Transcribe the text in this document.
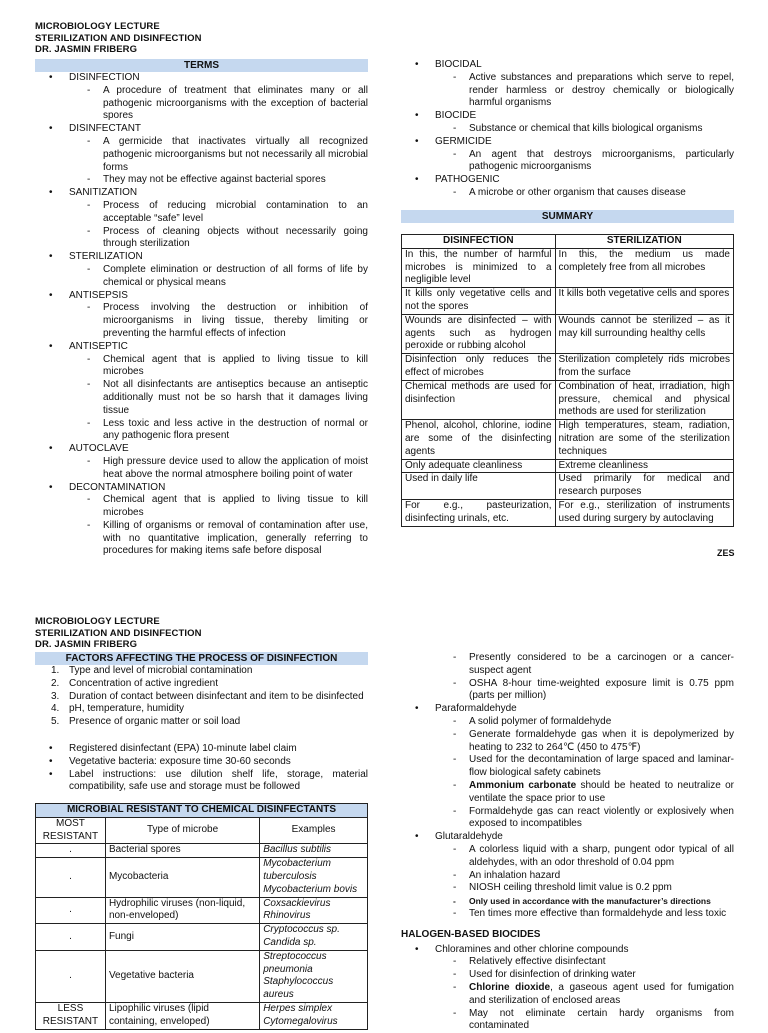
MICROBIOLOGY LECTURE
STERILIZATION AND DISINFECTION
DR. JASMIN FRIBERG
TERMS
• DISINFECTION
- A procedure of treatment that eliminates many or all pathogenic microorganisms with the exception of bacterial spores
• DISINFECTANT
- A germicide that inactivates virtually all recognized pathogenic microorganisms but not necessarily all microbial forms
- They may not be effective against bacterial spores
• SANITIZATION
- Process of reducing microbial contamination to an acceptable “safe” level
- Process of cleaning objects without necessarily going through sterilization
• STERILIZATION
- Complete elimination or destruction of all forms of life by chemical or physical means
• ANTISEPSIS
- Process involving the destruction or inhibition of microorganisms in living tissue, thereby limiting or preventing the harmful effects of infection
• ANTISEPTIC
- Chemical agent that is applied to living tissue to kill microbes
- Not all disinfectants are antiseptics because an antiseptic additionally must not be so harsh that it damages living tissue
- Less toxic and less active in the destruction of normal or any pathogenic flora present
• AUTOCLAVE
- High pressure device used to allow the application of moist heat above the normal atmosphere boiling point of water
• DECONTAMINATION
- Chemical agent that is applied to living tissue to kill microbes
- Killing of organisms or removal of contamination after use, with no quantitative implication, generally referring to procedures for making items safe before disposal
• BIOCIDAL
- Active substances and preparations which serve to repel, render harmless or destroy chemically or biologically harmful organisms
• BIOCIDE
- Substance or chemical that kills biological organisms
• GERMICIDE
- An agent that destroys microorganisms, particularly pathogenic microorganisms
• PATHOGENIC
- A microbe or other organism that causes disease
SUMMARY
DISINFECTION	STERILIZATION
In this, the number of harmful microbes is minimized to a negligible level	In this, the medium us made completely free from all microbes
It kills only vegetative cells and not the spores	It kills both vegetative cells and spores
Wounds are disinfected – with agents such as hydrogen peroxide or rubbing alcohol	Wounds cannot be sterilized – as it may kill surrounding healthy cells
Disinfection only reduces the effect of microbes	Sterilization completely rids microbes from the surface
Chemical methods are used for disinfection	Combination of heat, irradiation, high pressure, chemical and physical methods are used for sterilization
Phenol, alcohol, chlorine, iodine are some of the disinfecting agents	High temperatures, steam, radiation, nitration are some of the sterilization techniques
Only adequate cleanliness	Extreme cleanliness
Used in daily life	Used primarily for medical and research purposes
For e.g., pasteurization, disinfecting urinals, etc.	For e.g., sterilization of instruments used during surgery by autoclaving
ZES
MICROBIOLOGY LECTURE
STERILIZATION AND DISINFECTION
DR. JASMIN FRIBERG
FACTORS AFFECTING THE PROCESS OF DISINFECTION
1. Type and level of microbial contamination
2. Concentration of active ingredient
3. Duration of contact between disinfectant and item to be disinfected
4. pH, temperature, humidity
5. Presence of organic matter or soil load
• Registered disinfectant (EPA) 10-minute label claim
• Vegetative bacteria: exposure time 30-60 seconds
• Label instructions: use dilution shelf life, storage, material compatibility, safe use and storage must be followed
MICROBIAL RESISTANT TO CHEMICAL DISINFECTANTS		
MOST RESISTANT	Type of microbe	Examples
.	Bacterial spores	Bacillus subtilis

.	Mycobacteria	Mycobacterium tuberculosis
Mycobacterium bovis

.	Hydrophilic viruses (non-liquid, non-enveloped)	Coxsackievirus
Rhinovirus

.	Fungi	Cryptococcus sp.
Candida sp.

.	Vegetative bacteria	Streptococcus pneumonia
Staphylococcus aureus

LESS RESISTANT	Lipophilic viruses (lipid containing, enveloped)	Herpes simplex
Cytomegalovirus
- Presently considered to be a carcinogen or a cancer-suspect agent
- OSHA 8-hour time-weighted exposure limit is 0.75 ppm (parts per million)
• Paraformaldehyde
- A solid polymer of formaldehyde
- Generate formaldehyde gas when it is depolymerized by heating to 232 to 264℃ (450 to 475℉)
- Used for the decontamination of large spaced and laminar-flow biological safety cabinets
- Ammonium carbonate should be heated to neutralize or ventilate the space prior to use
- Formaldehyde gas can react violently or explosively when exposed to incompatibles
• Glutaraldehyde
- A colorless liquid with a sharp, pungent odor typical of all aldehydes, with an odor threshold of 0.04 ppm
- An inhalation hazard
- NIOSH ceiling threshold limit value is 0.2 ppm
- Only used in accordance with the manufacturer’s directions
- Ten times more effective than formaldehyde and less toxic
HALOGEN-BASED BIOCIDES
• Chloramines and other chlorine compounds
- Relatively effective disinfectant
- Used for disinfection of drinking water
- Chlorine dioxide, a gaseous agent used for fumigation and sterilization of enclosed areas
- May not eliminate certain hardy organisms from contaminated
